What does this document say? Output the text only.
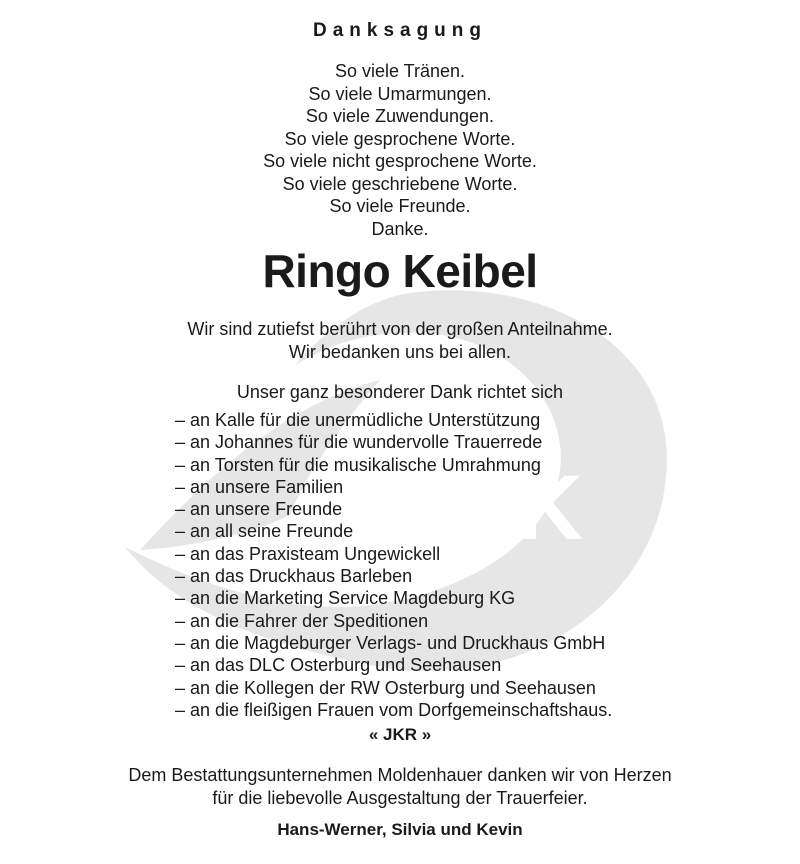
RK
Danksagung
So viele Tränen.
So viele Umarmungen.
So viele Zuwendungen.
So viele gesprochene Worte.
So viele nicht gesprochene Worte.
So viele geschriebene Worte.
So viele Freunde.
Danke.
Ringo Keibel
Wir sind zutiefst berührt von der großen Anteilnahme.
Wir bedanken uns bei allen.
Unser ganz besonderer Dank richtet sich
– an Kalle für die unermüdliche Unterstützung
– an Johannes für die wundervolle Trauerrede
– an Torsten für die musikalische Umrahmung
– an unsere Familien
– an unsere Freunde
– an all seine Freunde
– an das Praxisteam Ungewickell
– an das Druckhaus Barleben
– an die Marketing Service Magdeburg KG
– an die Fahrer der Speditionen
– an die Magdeburger Verlags- und Druckhaus GmbH
– an das DLC Osterburg und Seehausen
– an die Kollegen der RW Osterburg und Seehausen
– an die fleißigen Frauen vom Dorfgemeinschaftshaus.
« JKR »
Dem Bestattungsunternehmen Moldenhauer danken wir von Herzen
für die liebevolle Ausgestaltung der Trauerfeier.
Hans-Werner, Silvia und Kevin
